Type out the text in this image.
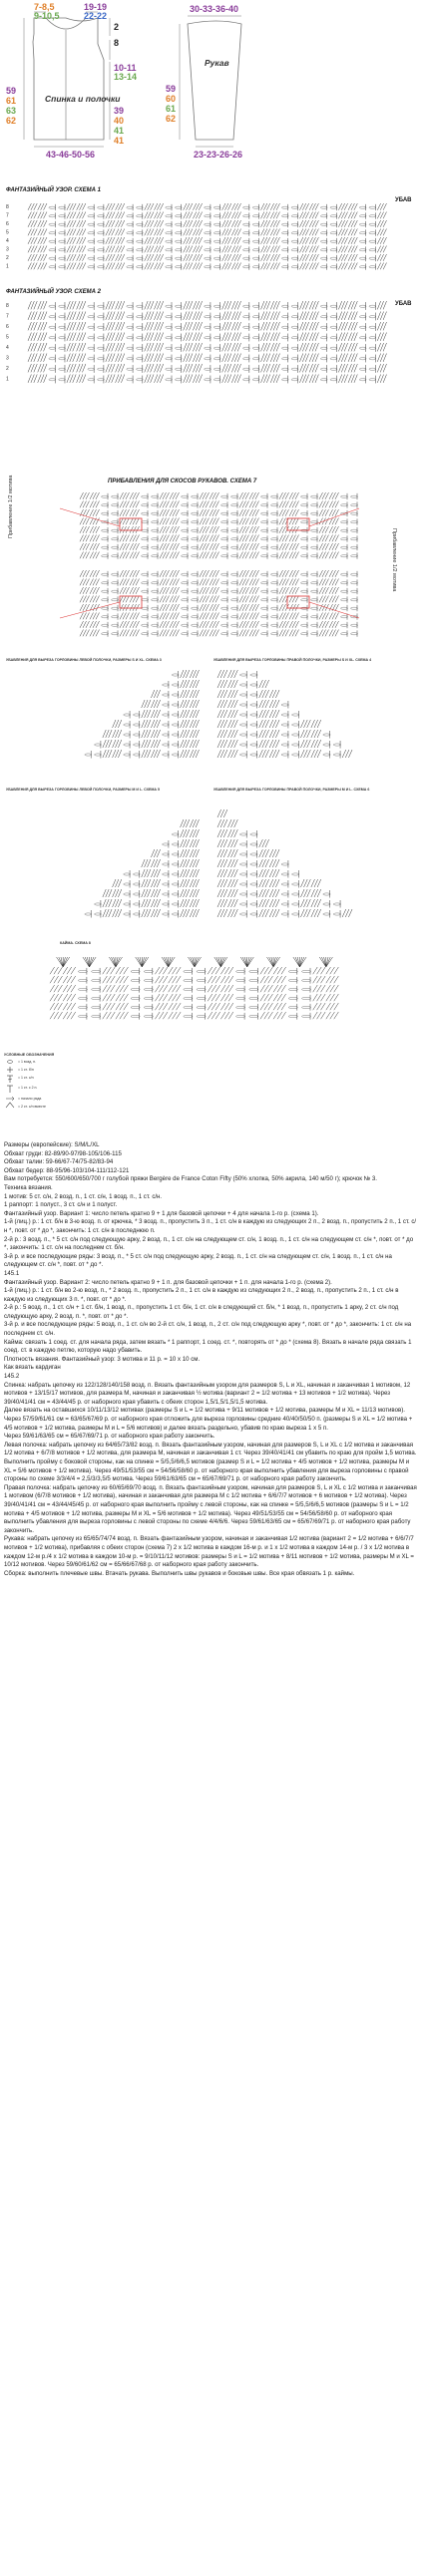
7-8,5
9-10,5
19-19
22-22
2
8
10-11
13-14
59
61
63
62
Спинка и полочки
39
40
41
41
43-46-50-56
30-33-36-40
Рукав
59
60
61
62
23-23-26-26
ФАНТАЗИЙНЫЙ УЗОР. СХЕМА 1
УБАВ
8
7
6
5
4
3
2
1
ФАНТАЗИЙНЫЙ УЗОР. СХЕМА 2
УБАВ
8
7
6
5
4
3
2
1
ПРИБАВЛЕНИЯ ДЛЯ СКОСОВ РУКАВОВ. СХЕМА 7
Прибавление 1/2 мотива
Прибавление 1/2 мотива
УБАВЛЕНИЯ ДЛЯ ВЫРЕЗА ГОРЛОВИНЫ ЛЕВОЙ ПОЛОЧКИ, РАЗМЕРЫ S И XL. СХЕМА 3	УБАВЛЕНИЯ ДЛЯ ВЫРЕЗА ГОРЛОВИНЫ ПРАВОЙ ПОЛОЧКИ, РАЗМЕРЫ S И XL. СХЕМА 4
УБАВЛЕНИЯ ДЛЯ ВЫРЕЗА ГОРЛОВИНЫ ЛЕВОЙ ПОЛОЧКИ, РАЗМЕРЫ M И L. СХЕМА 5	УБАВЛЕНИЯ ДЛЯ ВЫРЕЗА ГОРЛОВИНЫ ПРАВОЙ ПОЛОЧКИ, РАЗМЕРЫ M И L. СХЕМА 6
КАЙМА. СХЕМА 8
УСЛОВНЫЕ ОБОЗНАЧЕНИЯ
= 1 возд. п.
= 1 ст. б/н
= 1 ст. с/н
= 1 ст. с 2 н.
= начало ряда
= 2 ст. с/н вместе

Размеры (европейские): S/M/L/XL

Обхват груди: 82-89/90-97/98-105/106-115

Обхват талии: 59-66/67-74/75-82/83-94

Обхват бедер: 88-95/96-103/104-111/112-121

Вам потребуется: 550/600/650/700 г голубой пряжи Bergère de France Coton Fifty (50% хлопка, 50% акрила, 140 м/50 г); крючок № 3.

Техника вязания.

1 мотив: 5 ст. с/н, 2 возд. п., 1 ст. с/н, 1 возд. п., 1 ст. с/н.

1 раппорт: 1 полуст., 3 ст. с/н и 1 полуст.

Фантазийный узор. Вариант 1: число петель кратно 9 + 1 для базовой цепочки + 4 для начала 1-го р. (схема 1).

1-й (лиц.) р.: 1 ст. б/н в 3-ю возд. п. от крючка, * 3 возд. п., пропустить 3 п., 1 ст. с/н в каждую из следующих 2 п., 2 возд. п., пропустить 2 п., 1 ст. с/н *, повт. от * до *, закончить: 1 ст. с/н в последнюю п.

2-й р.: 3 возд. п., * 5 ст. с/н под следующую арку, 2 возд. п., 1 ст. с/н на следующем ст. с/н, 1 возд. п., 1 ст. с/н на следующем ст. с/н *, повт. от * до *, закончить: 1 ст. с/н на последнем ст. б/н.

3-й р. и все последующие ряды: 3 возд. п., * 5 ст. с/н под следующую арку, 2 возд. п., 1 ст. с/н на следующем ст. с/н, 1 возд. п., 1 ст. с/н на следующем ст. с/н *, повт. от * до *.

145.1

Фантазийный узор. Вариант 2: число петель кратно 9 + 1 п. для базовой цепочки + 1 п. для начала 1-го р. (схема 2).

1-й (лиц.) р.: 1 ст. б/н во 2-ю возд. п., * 2 возд. п., пропустить 2 п., 1 ст. с/н в каждую из следующих 2 п., 2 возд. п., пропустить 2 п., 1 ст. с/н в каждую из следующих 3 п. *, повт. от * до *.

2-й р.: 5 возд. п., 1 ст. с/н + 1 ст. б/н, 1 возд. п., пропустить 1 ст. б/н, 1 ст. с/н в следующий ст. б/н, * 1 возд. п., пропустить 1 арку, 2 ст. с/н под следующую арку, 2 возд. п. *, повт. от * до *.

3-й р. и все последующие ряды: 5 возд. п., 1 ст. с/н во 2-й ст. с/н, 1 возд. п., 2 ст. с/н под следующую арку *, повт. от * до *, закончить: 1 ст. с/н на последнем ст. с/н.

Кайма: связать 1 соед. ст. для начала ряда, затем вязать * 1 раппорт, 1 соед. ст. *, повторять от * до * (схема 8). Вязать в начале ряда связать 1 соед. ст. в каждую петлю, которую надо убавить.

Плотность вязания. Фантазийный узор: 3 мотива и 11 р. = 10 х 10 см.

Как вязать кардиган

145.2

Спинка: набрать цепочку из 122/128/140/158 возд. п. Вязать фантазийным узором для размеров S, L и XL, начиная и заканчивая 1 мотивом, 12 мотивов + 13/15/17 мотивов, для размера M, начиная и заканчивая ½ мотива (вариант 2 = 1/2 мотива + 13 мотивов + 1/2 мотива). Через 39/40/41/41 см = 43/44/45 р. от наборного края убавить с обеих сторон 1,5/1,5/1,5/1,5 мотива.

Далее вязать на оставшихся 10/11/13/12 мотивах (размеры S и L = 1/2 мотива + 9/11 мотивов + 1/2 мотива, размеры M и XL = 11/13 мотивов). Через 57/59/61/61 см = 63/65/67/69 р. от наборного края отложить для выреза горловины средние 40/40/50/50 п. (размеры S и XL = 1/2 мотива + 4/5 мотивов + 1/2 мотива, размеры M и L = 5/6 мотивов) и далее вязать раздельно, убавив по краю выреза 1 х 5 п.

Через 59/61/63/65 см = 65/67/69/71 р. от наборного края работу закончить.

Левая полочка: набрать цепочку из 64/65/73/82 возд. п. Вязать фантазийным узором, начиная для размеров S, L и XL с 1/2 мотива и заканчивая 1/2 мотива + 6/7/8 мотивов + 1/2 мотива, для размера M, начиная и заканчивая 1 ст. Через 39/40/41/41 см убавить по краю для пройм 1,5 мотива. Выполнить пройму с боковой стороны, как на спинке = 5/5,5/6/6,5 мотивов (размер S и L = 1/2 мотива + 4/5 мотивов + 1/2 мотива, размеры M и XL = 5/6 мотивов + 1/2 мотива). Через 49/51/53/55 см = 54/56/58/60 р. от наборного края выполнить убавления для выреза горловины с правой стороны по схеме 3/3/4/4 = 2,5/3/3,5/5 мотива. Через 59/61/63/65 см = 65/67/69/71 р. от наборного края работу закончить.

Правая полочка: набрать цепочку из 60/65/69/70 возд. п. Вязать фантазийным узором, начиная для размеров S, L и XL с 1/2 мотива и заканчивая 1 мотивом (6/7/8 мотивов + 1/2 мотива), начиная и заканчивая для размера M с 1/2 мотива + 6/6/7/7 мотивов + 6 мотивов + 1/2 мотива). Через 39/40/41/41 см = 43/44/45/45 р. от наборного края выполнить пройму с левой стороны, как на спинке = 5/5,5/6/6,5 мотивов (размеры S и L = 1/2 мотива + 4/5 мотивов + 1/2 мотива, размеры M и XL = 5/6 мотивов + 1/2 мотива). Через 49/51/53/55 см = 54/56/58/60 р. от наборного края выполнить убавления для выреза горловины с левой стороны по схеме 4/4/6/6. Через 59/61/63/65 см = 65/67/69/71 р. от наборного края работу закончить.

Рукава: набрать цепочку из 65/65/74/74 возд. п. Вязать фантазийным узором, начиная и заканчивая 1/2 мотива (вариант 2 = 1/2 мотива + 6/6/7/7 мотивов + 1/2 мотива), прибавляя с обеих сторон (схема 7) 2 х 1/2 мотива в каждом 16-м р. и 1 х 1/2 мотива в каждом 14-м р. / 3 х 1/2 мотива в каждом 12-м р./4 х 1/2 мотива в каждом 10-м р. = 9/10/11/12 мотивов: размеры S и L = 1/2 мотива + 8/11 мотивов + 1/2 мотива, размеры M и XL = 10/12 мотивов. Через 59/60/61/62 см = 65/66/67/68 р. от наборного края работу закончить.

Сборка: выполнить плечевые швы. Втачать рукава. Выполнить швы рукавов и боковые швы. Все края обвязать 1 р. каймы.
